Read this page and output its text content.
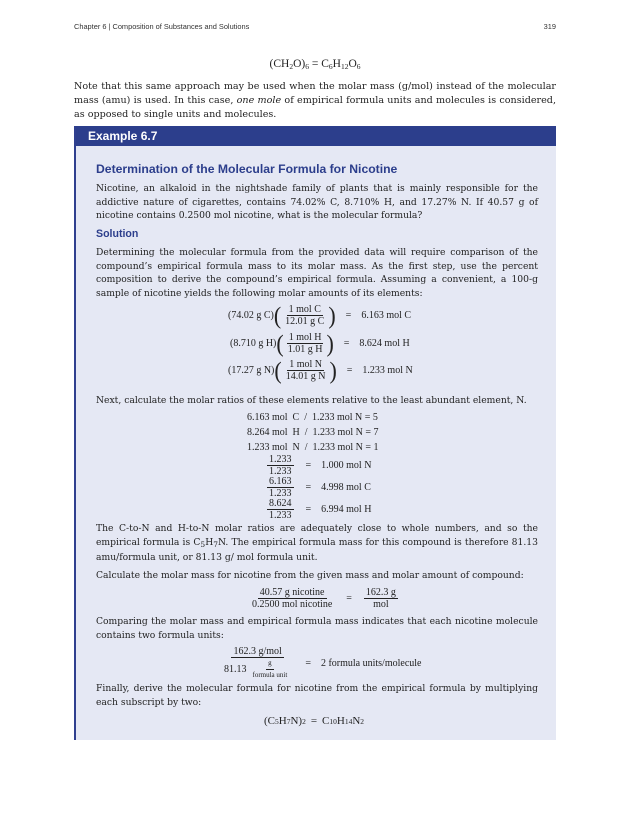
Chapter 6 | Composition of Substances and Solutions	319
$(CH_2O)_6 = C_6H_{12}O_6$

Note that this same approach may be used when the molar mass (g/mol) instead of the molecular mass (amu) is used. In this case, one mole of empirical formula units and molecules is considered, as opposed to single units and molecules.

Example 6.7
Determination of the Molecular Formula for Nicotine

Nicotine, an alkaloid in the nightshade family of plants that is mainly responsible for the addictive nature of cigarettes, contains 74.02% C, 8.710% H, and 17.27% N. If 40.57 g of nicotine contains 0.2500 mol nicotine, what is the molecular formula?

Solution

Determining the molecular formula from the provided data will require comparison of the compound’s empirical formula mass to its molar mass. As the first step, use the percent composition to derive the compound’s empirical formula. Assuming a convenient, a 100-g sample of nicotine yields the following molar amounts of its elements:

(74.02 g C) ( $\frac{\text{1 mol C}}{\text{12.01 g C}}$ ) = 6.163 mol C
(8.710 g H) ( $\frac{\text{1 mol H}}{\text{1.01 g H}}$ ) = 8.624 mol H
(17.27 g N) ( $\frac{\text{1 mol N}}{\text{14.01 g N}}$ ) = 1.233 mol N

Next, calculate the molar ratios of these elements relative to the least abundant element, N.

6.163 mol  C  /  1.233 mol N = 5
8.264 mol  H  /  1.233 mol N = 7
1.233 mol  N  /  1.233 mol N = 1
$\frac{1.233}{1.233} = 1.000$ mol N
$\frac{6.163}{1.233} = 4.998$ mol C
$\frac{8.624}{1.233} = 6.994$ mol H

The C-to-N and H-to-N molar ratios are adequately close to whole numbers, and so the empirical formula is $C_5H_7N$. The empirical formula mass for this compound is therefore 81.13 amu/formula unit, or 81.13 g/ mol formula unit.

Calculate the molar mass for nicotine from the given mass and molar amount of compound:

$\frac{\text{40.57 g nicotine}}{\text{0.2500 mol nicotine}} = \frac{162.3 g}{\text{mol}}$

Comparing the molar mass and empirical formula mass indicates that each nicotine molecule contains two formula units:

$\frac{\text{162.3 g/mol}}{81.13 \frac{g}{\text{formula unit}}} = 2$ formula units/molecule

Finally, derive the molecular formula for nicotine from the empirical formula by multiplying each subscript by two:

(C 5 H 7 N) 2 = C 10 H 14 N 2
